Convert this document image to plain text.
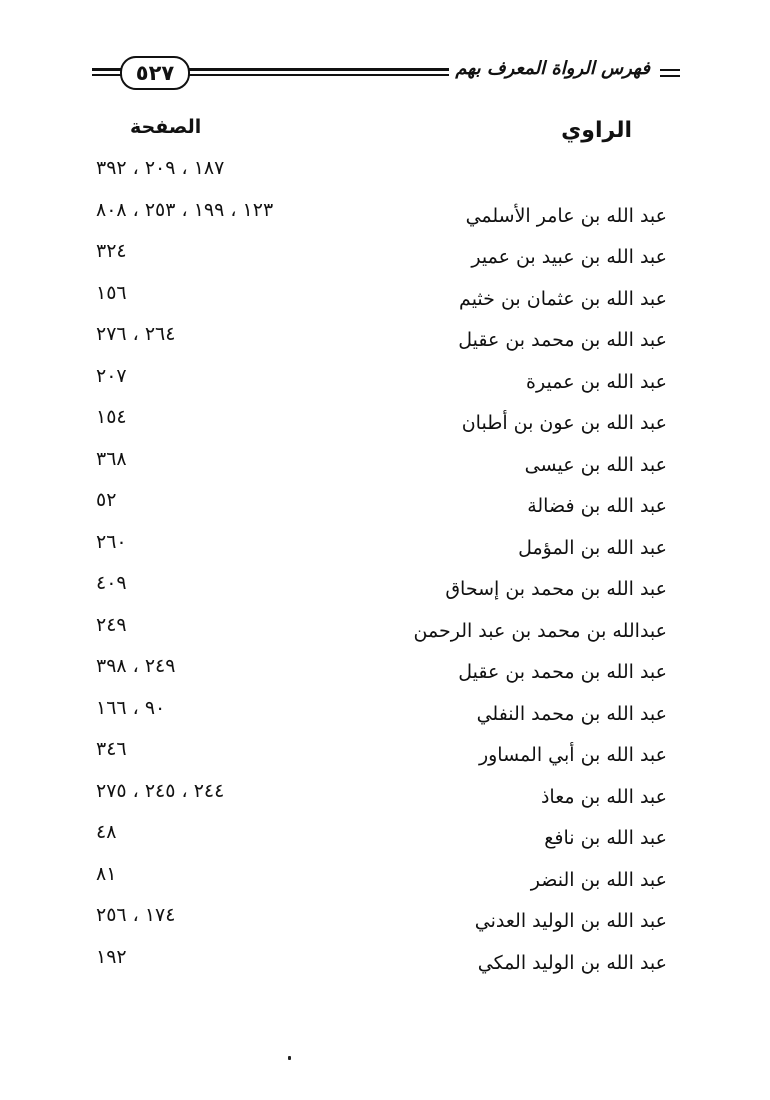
٥٢٧	فهرس الرواة المعرف بهم
الراوي
الصفحة
١٨٧ ، ٢٠٩ ، ٣٩٢
عبد الله بن عامر الأسلمي
١٢٣ ، ١٩٩ ، ٢٥٣ ، ٨٠٨
عبد الله بن عبيد بن عمير
٣٢٤
عبد الله بن عثمان بن خثيم
١٥٦
عبد الله بن محمد بن عقيل
٢٦٤ ، ٢٧٦
عبد الله بن عميرة
٢٠٧
عبد الله بن عون بن أطبان
١٥٤
عبد الله بن عيسى
٣٦٨
عبد الله بن فضالة
٥٢
عبد الله بن المؤمل
٢٦٠
عبد الله بن محمد بن إسحاق
٤٠٩
عبدالله بن محمد بن عبد الرحمن
٢٤٩
عبد الله بن محمد بن عقيل
٢٤٩ ، ٣٩٨
عبد الله بن محمد النفلي
٩٠ ، ١٦٦
عبد الله بن أبي المساور
٣٤٦
عبد الله بن معاذ
٢٤٤ ، ٢٤٥ ، ٢٧٥
عبد الله بن نافع
٤٨
عبد الله بن النضر
٨١
عبد الله بن الوليد العدني
١٧٤ ، ٢٥٦
عبد الله بن الوليد المكي
١٩٢
